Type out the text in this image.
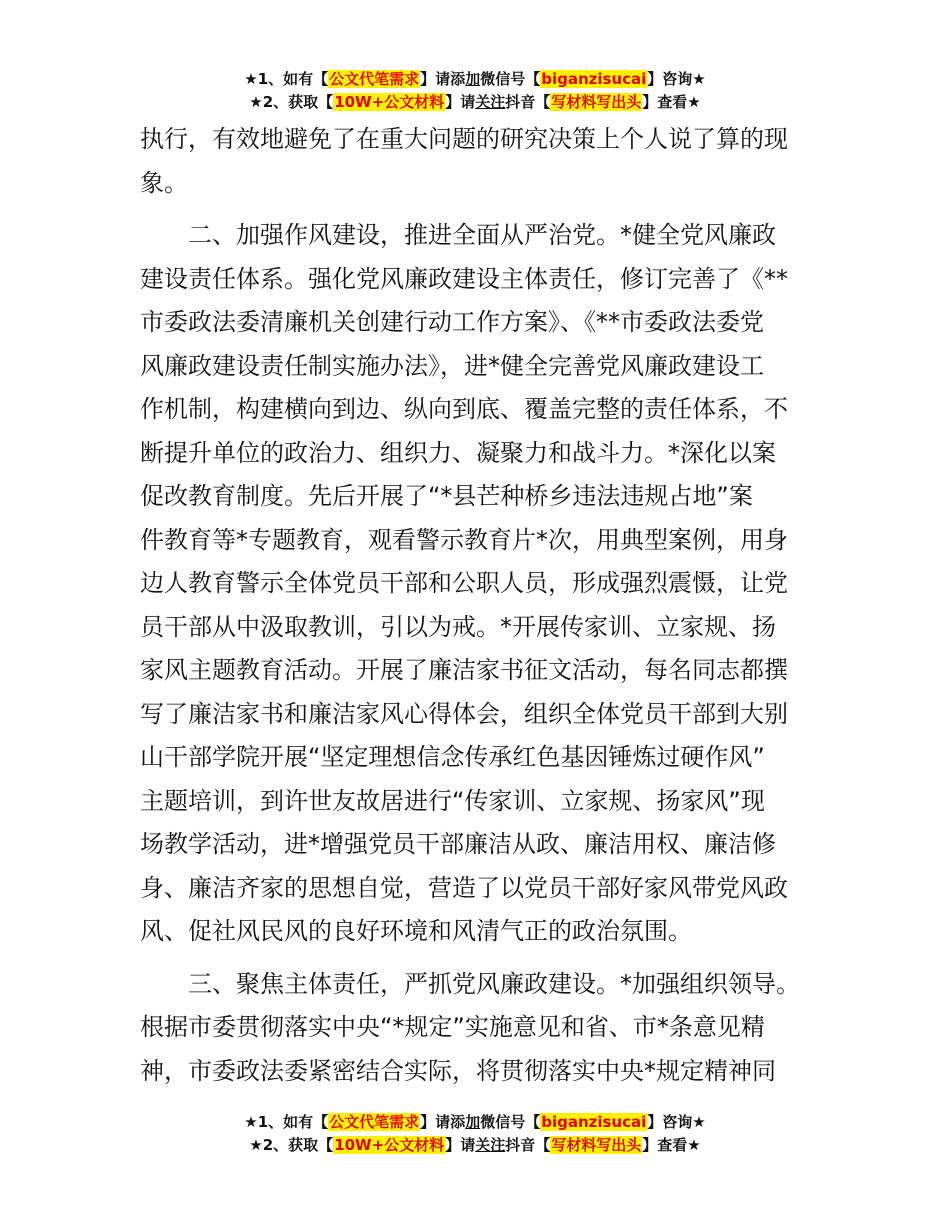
★1、如有【公文代笔需求】请添加微信号【biganzisucai】咨询★
★2、获取【10W+公文材料】请关注抖音【写材料写出头】查看★
执行，有效地避免了在重大问题的研究决策上个人说了算的现
象。
　　二、加强作风建设，推进全面从严治党。*健全党风廉政
建设责任体系。强化党风廉政建设主体责任，修订完善了《**
市委政法委清廉机关创建行动工作方案》、《**市委政法委党
风廉政建设责任制实施办法》，进*健全完善党风廉政建设工
作机制，构建横向到边、纵向到底、覆盖完整的责任体系，不
断提升单位的政治力、组织力、凝聚力和战斗力。*深化以案
促改教育制度。先后开展了“*县芒种桥乡违法违规占地”案
件教育等*专题教育，观看警示教育片*次，用典型案例，用身
边人教育警示全体党员干部和公职人员，形成强烈震慑，让党
员干部从中汲取教训，引以为戒。*开展传家训、立家规、扬
家风主题教育活动。开展了廉洁家书征文活动，每名同志都撰
写了廉洁家书和廉洁家风心得体会，组织全体党员干部到大别
山干部学院开展“坚定理想信念传承红色基因锤炼过硬作风”
主题培训，到许世友故居进行“传家训、立家规、扬家风”现
场教学活动，进*增强党员干部廉洁从政、廉洁用权、廉洁修
身、廉洁齐家的思想自觉，营造了以党员干部好家风带党风政
风、促社风民风的良好环境和风清气正的政治氛围。
　　三、聚焦主体责任，严抓党风廉政建设。*加强组织领导。
根据市委贯彻落实中央“*规定”实施意见和省、市*条意见精
神，市委政法委紧密结合实际，将贯彻落实中央*规定精神同
★1、如有【公文代笔需求】请添加微信号【biganzisucai】咨询★
★2、获取【10W+公文材料】请关注抖音【写材料写出头】查看★
